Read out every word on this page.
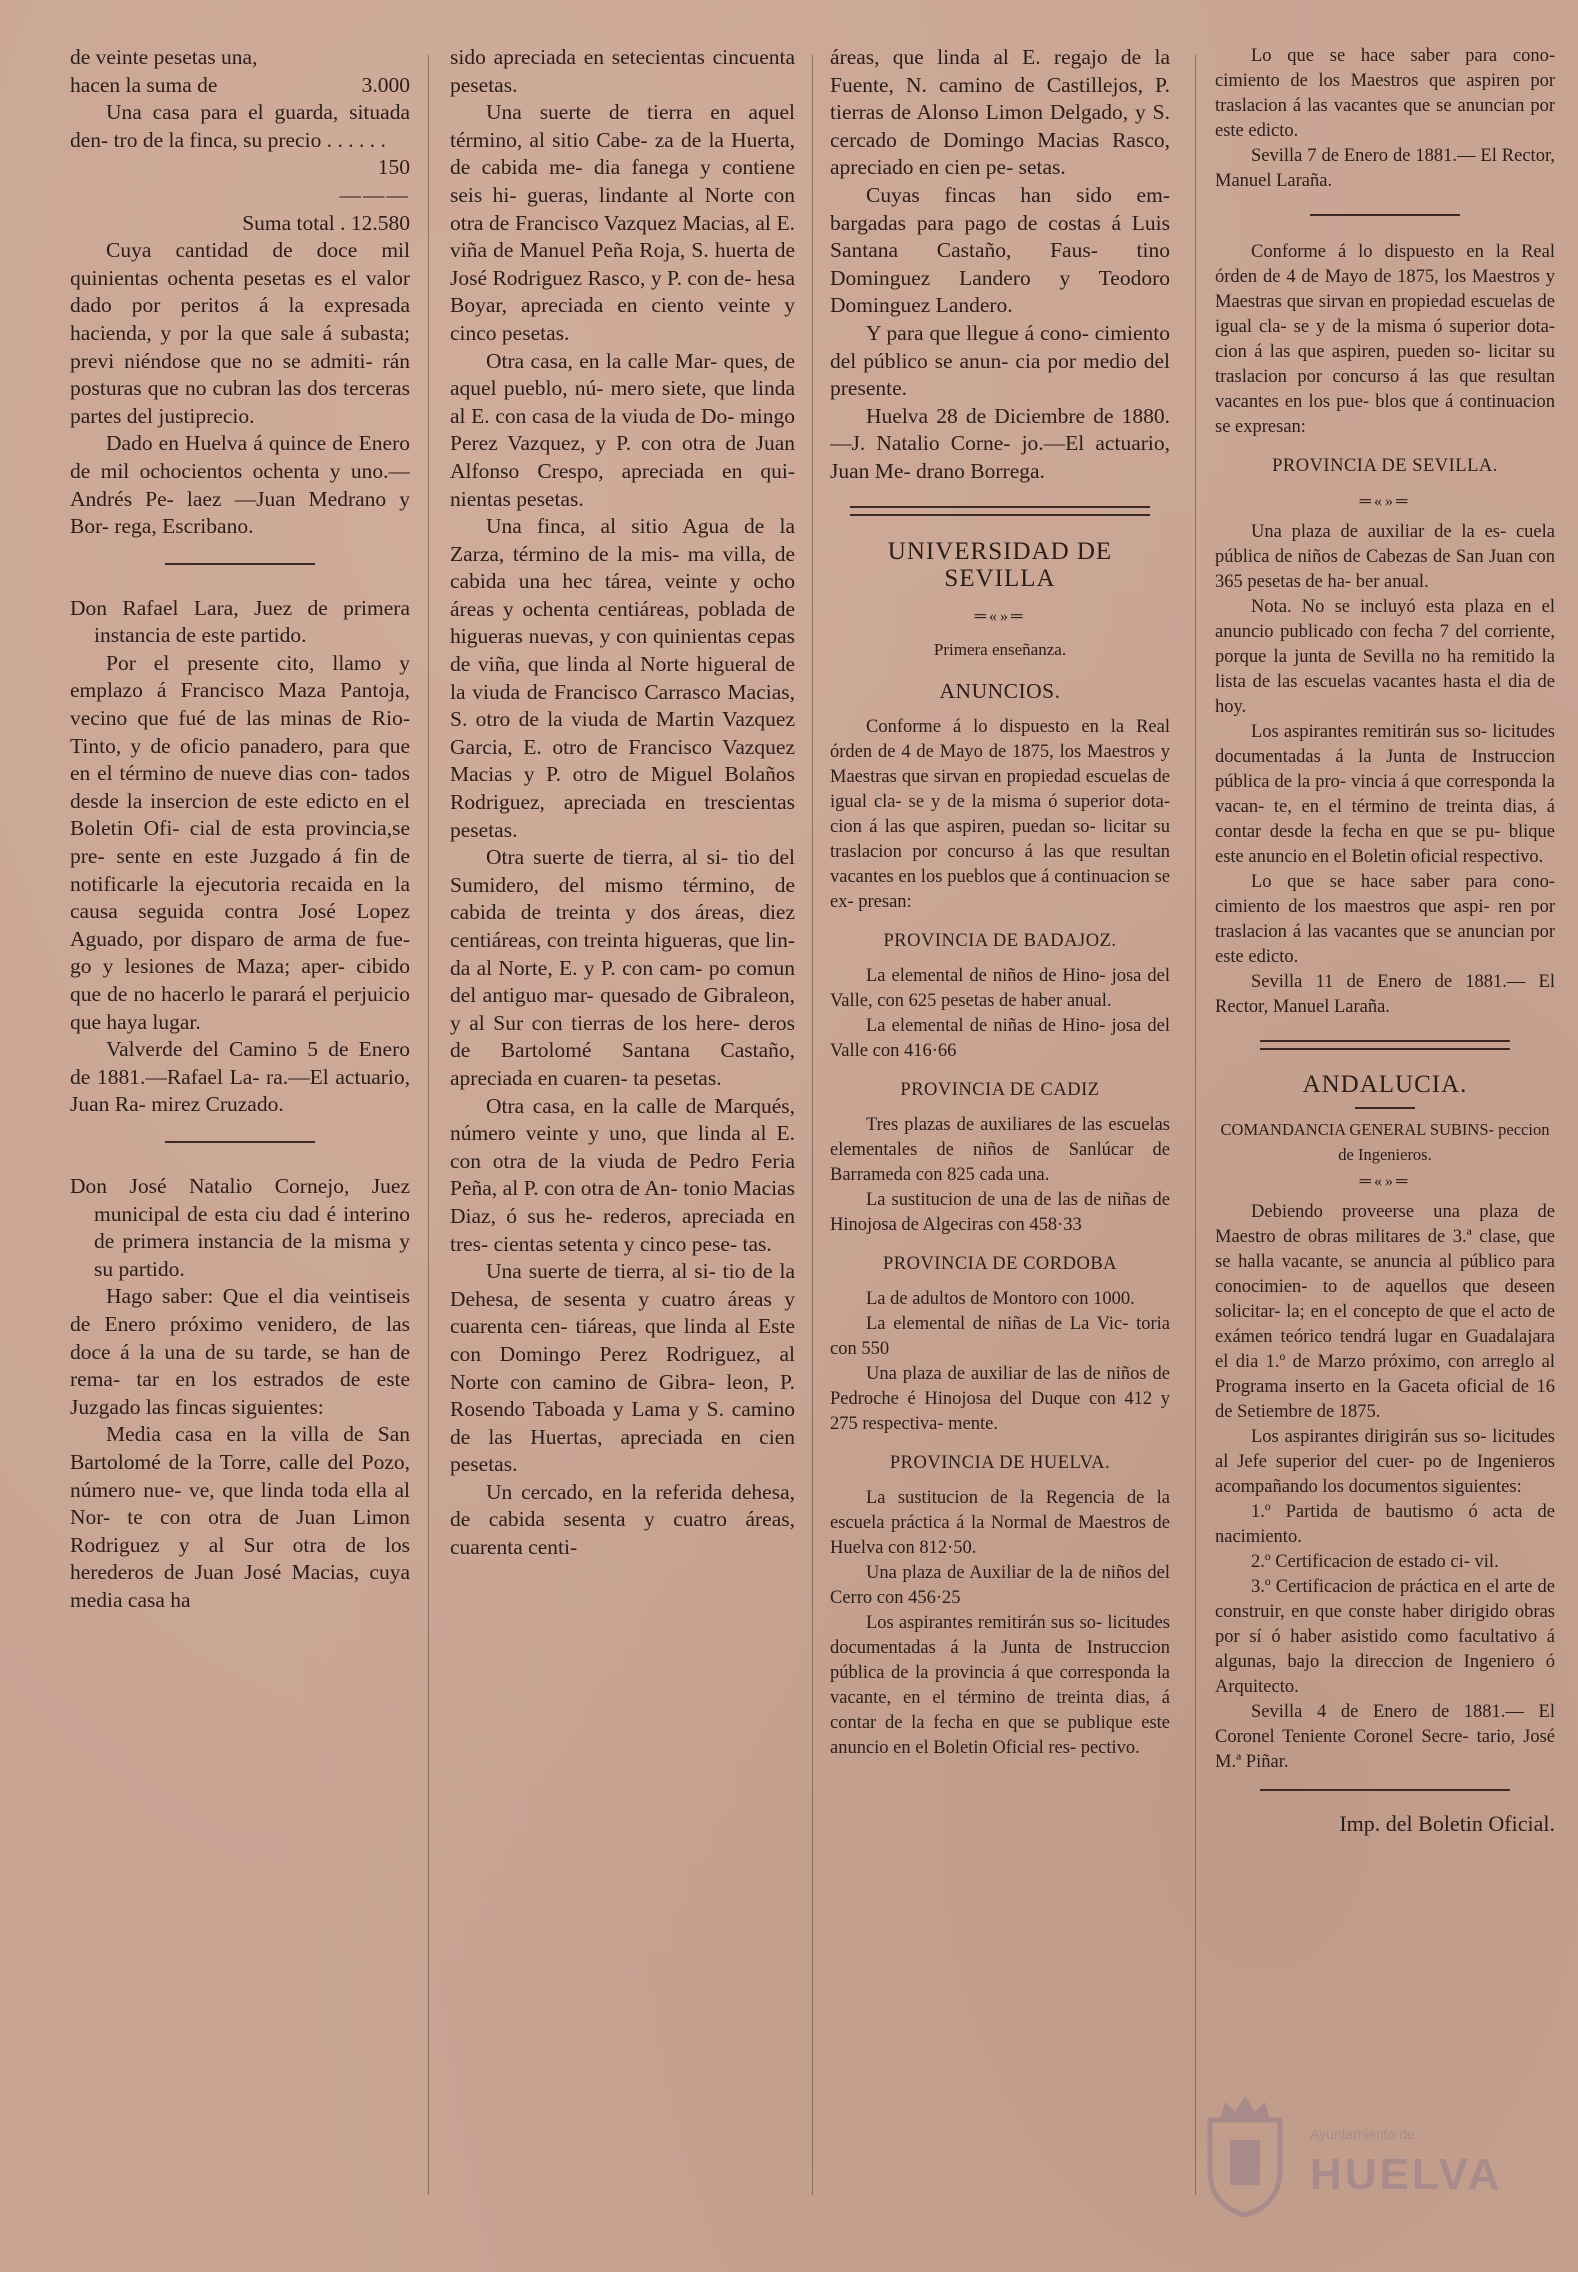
de veinte pesetas una,

hacen la suma de	3.000

Una casa para el guarda, situada den- tro de la finca, su precio . . . . . .

150

———

Suma total . 12.580

Cuya cantidad de doce mil quinientas ochenta pesetas es el valor dado por peritos á la expresada hacienda, y por la que sale á subasta; previ niéndose que no se admiti- rán posturas que no cubran las dos terceras partes del justiprecio.

Dado en Huelva á quince de Enero de mil ochocientos ochenta y uno.—Andrés Pe- laez —Juan Medrano y Bor- rega, Escribano.

Don Rafael Lara, Juez de primera instancia de este partido.

Por el presente cito, llamo y emplazo á Francisco Maza Pantoja, vecino que fué de las minas de Rio-Tinto, y de oficio panadero, para que en el término de nueve dias con- tados desde la insercion de este edicto en el Boletin Ofi- cial de esta provincia,se pre- sente en este Juzgado á fin de notificarle la ejecutoria recaida en la causa seguida contra José Lopez Aguado, por disparo de arma de fue- go y lesiones de Maza; aper- cibido que de no hacerlo le parará el perjuicio que haya lugar.

Valverde del Camino 5 de Enero de 1881.—Rafael La- ra.—El actuario, Juan Ra- mirez Cruzado.

Don José Natalio Cornejo, Juez municipal de esta ciu dad é interino de primera instancia de la misma y su partido.

Hago saber: Que el dia veintiseis de Enero próximo venidero, de las doce á la una de su tarde, se han de rema- tar en los estrados de este Juzgado las fincas siguientes:

Media casa en la villa de San Bartolomé de la Torre, calle del Pozo, número nue- ve, que linda toda ella al Nor- te con otra de Juan Limon Rodriguez y al Sur otra de los herederos de Juan José Macias, cuya media casa ha

sido apreciada en setecientas cincuenta pesetas.

Una suerte de tierra en aquel término, al sitio Cabe- za de la Huerta, de cabida me- dia fanega y contiene seis hi- gueras, lindante al Norte con otra de Francisco Vazquez Macias, al E. viña de Manuel Peña Roja, S. huerta de José Rodriguez Rasco, y P. con de- hesa Boyar, apreciada en ciento veinte y cinco pesetas.

Otra casa, en la calle Mar- ques, de aquel pueblo, nú- mero siete, que linda al E. con casa de la viuda de Do- mingo Perez Vazquez, y P. con otra de Juan Alfonso Crespo, apreciada en qui- nientas pesetas.

Una finca, al sitio Agua de la Zarza, término de la mis- ma villa, de cabida una hec tárea, veinte y ocho áreas y ochenta centiáreas, poblada de higueras nuevas, y con quinientas cepas de viña, que linda al Norte higueral de la viuda de Francisco Carrasco Macias, S. otro de la viuda de Martin Vazquez Garcia, E. otro de Francisco Vazquez Macias y P. otro de Miguel Bolaños Rodriguez, apreciada en trescientas pesetas.

Otra suerte de tierra, al si- tio del Sumidero, del mismo término, de cabida de treinta y dos áreas, diez centiáreas, con treinta higueras, que lin- da al Norte, E. y P. con cam- po comun del antiguo mar- quesado de Gibraleon, y al Sur con tierras de los here- deros de Bartolomé Santana Castaño, apreciada en cuaren- ta pesetas.

Otra casa, en la calle de Marqués, número veinte y uno, que linda al E. con otra de la viuda de Pedro Feria Peña, al P. con otra de An- tonio Macias Diaz, ó sus he- rederos, apreciada en tres- cientas setenta y cinco pese- tas.

Una suerte de tierra, al si- tio de la Dehesa, de sesenta y cuatro áreas y cuarenta cen- tiáreas, que linda al Este con Domingo Perez Rodriguez, al Norte con camino de Gibra- leon, P. Rosendo Taboada y Lama y S. camino de las Huertas, apreciada en cien pesetas.

Un cercado, en la referida dehesa, de cabida sesenta y cuatro áreas, cuarenta centi-

áreas, que linda al E. regajo de la Fuente, N. camino de Castillejos, P. tierras de Alonso Limon Delgado, y S. cercado de Domingo Macias Rasco, apreciado en cien pe- setas.

Cuyas fincas han sido em- bargadas para pago de costas á Luis Santana Castaño, Faus- tino Dominguez Landero y Teodoro Dominguez Landero.

Y para que llegue á cono- cimiento del público se anun- cia por medio del presente.

Huelva 28 de Diciembre de 1880.—J. Natalio Corne- jo.—El actuario, Juan Me- drano Borrega.

UNIVERSIDAD DE SEVILLA

═«»═

Primera enseñanza.

ANUNCIOS.

Conforme á lo dispuesto en la Real órden de 4 de Mayo de 1875, los Maestros y Maestras que sirvan en propiedad escuelas de igual cla- se y de la misma ó superior dota- cion á las que aspiren, puedan so- licitar su traslacion por concurso á las que resultan vacantes en los pueblos que á continuacion se ex- presan:

PROVINCIA DE BADAJOZ.

La elemental de niños de Hino- josa del Valle, con 625 pesetas de haber anual.

La elemental de niñas de Hino- josa del Valle con 416·66

PROVINCIA DE CADIZ

Tres plazas de auxiliares de las escuelas elementales de niños de Sanlúcar de Barrameda con 825 cada una.

La sustitucion de una de las de niñas de Hinojosa de Algeciras con 458·33

PROVINCIA DE CORDOBA

La de adultos de Montoro con 1000.

La elemental de niñas de La Vic- toria con 550

Una plaza de auxiliar de las de niños de Pedroche é Hinojosa del Duque con 412 y 275 respectiva- mente.

PROVINCIA DE HUELVA.

La sustitucion de la Regencia de la escuela práctica á la Normal de Maestros de Huelva con 812·50.

Una plaza de Auxiliar de la de niños del Cerro con 456·25

Los aspirantes remitirán sus so- licitudes documentadas á la Junta de Instruccion pública de la provincia á que corresponda la vacante, en el término de treinta dias, á contar de la fecha en que se publique este anuncio en el Boletin Oficial res- pectivo.

Lo que se hace saber para cono- cimiento de los Maestros que aspiren por traslacion á las vacantes que se anuncian por este edicto.

Sevilla 7 de Enero de 1881.— El Rector, Manuel Laraña.

Conforme á lo dispuesto en la Real órden de 4 de Mayo de 1875, los Maestros y Maestras que sirvan en propiedad escuelas de igual cla- se y de la misma ó superior dota- cion á las que aspiren, pueden so- licitar su traslacion por concurso á las que resultan vacantes en los pue- blos que á continuacion se expresan:

PROVINCIA DE SEVILLA.

═«»═

Una plaza de auxiliar de la es- cuela pública de niños de Cabezas de San Juan con 365 pesetas de ha- ber anual.

Nota. No se incluyó esta plaza en el anuncio publicado con fecha 7 del corriente, porque la junta de Sevilla no ha remitido la lista de las escuelas vacantes hasta el dia de hoy.

Los aspirantes remitirán sus so- licitudes documentadas á la Junta de Instruccion pública de la pro- vincia á que corresponda la vacan- te, en el término de treinta dias, á contar desde la fecha en que se pu- blique este anuncio en el Boletin oficial respectivo.

Lo que se hace saber para cono- cimiento de los maestros que aspi- ren por traslacion á las vacantes que se anuncian por este edicto.

Sevilla 11 de Enero de 1881.— El Rector, Manuel Laraña.

ANDALUCIA.

COMANDANCIA GENERAL SUBINS- peccion de Ingenieros.

═«»═

Debiendo proveerse una plaza de Maestro de obras militares de 3.ª clase, que se halla vacante, se anuncia al público para conocimien- to de aquellos que deseen solicitar- la; en el concepto de que el acto de exámen teórico tendrá lugar en Guadalajara el dia 1.º de Marzo próximo, con arreglo al Programa inserto en la Gaceta oficial de 16 de Setiembre de 1875.

Los aspirantes dirigirán sus so- licitudes al Jefe superior del cuer- po de Ingenieros acompañando los documentos siguientes:

1.º Partida de bautismo ó acta de nacimiento.

2.º Certificacion de estado ci- vil.

3.º Certificacion de práctica en el arte de construir, en que conste haber dirigido obras por sí ó haber asistido como facultativo á algunas, bajo la direccion de Ingeniero ó Arquitecto.

Sevilla 4 de Enero de 1881.— El Coronel Teniente Coronel Secre- tario, José M.ª Piñar.

Imp. del Boletin Oficial.

Ayuntamiento de
HUELVA
